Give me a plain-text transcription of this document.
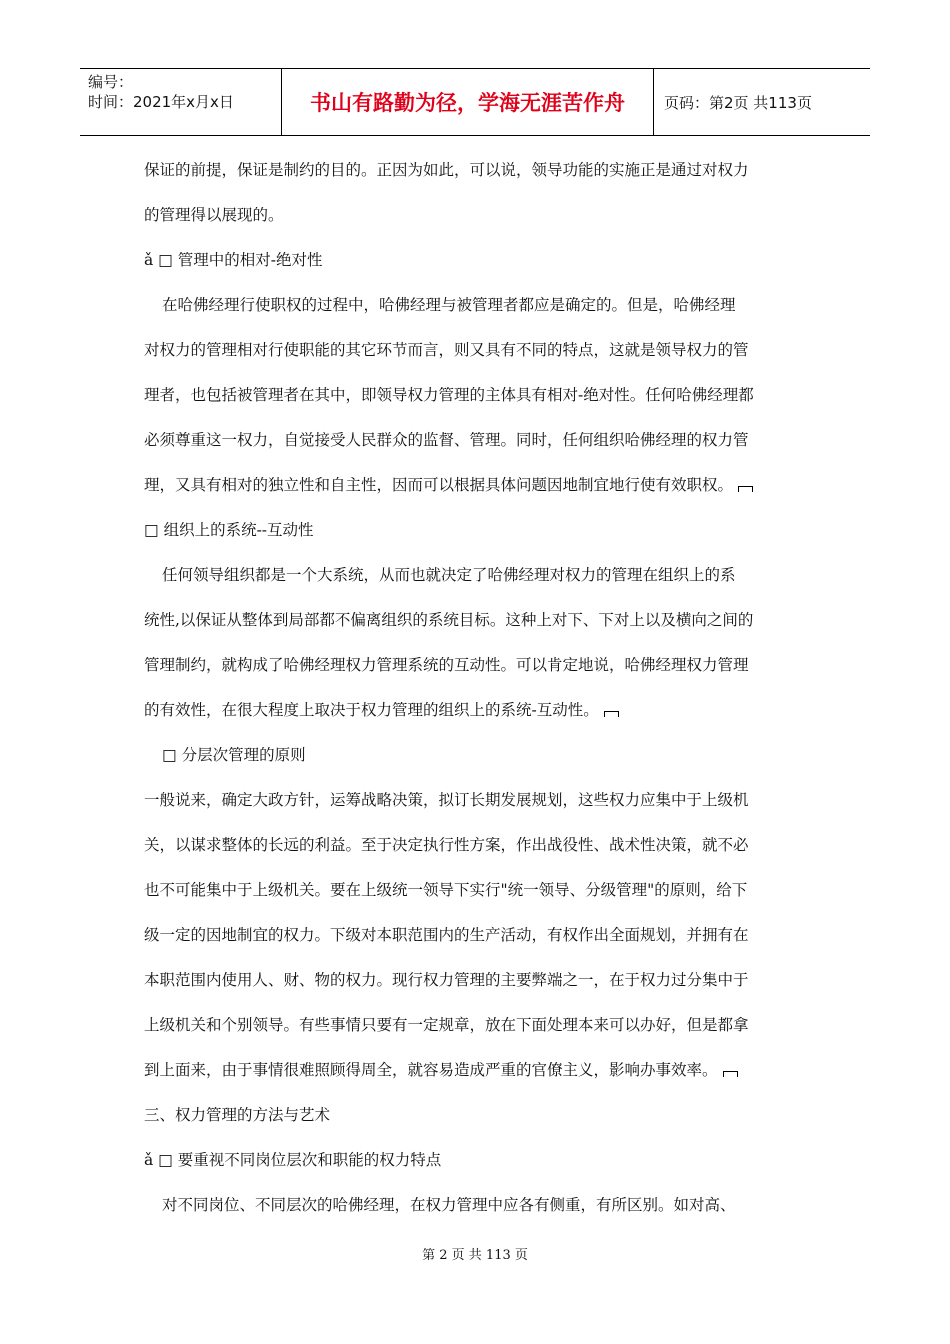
编号：
时间：2021年x月x日	书山有路勤为径，学海无涯苦作舟	页码：第2页 共113页
保证的前提，保证是制约的目的。正因为如此，可以说，领导功能的实施正是通过对权力
的管理得以展现的。
ǎ □ 管理中的相对-绝对性
在哈佛经理行使职权的过程中，哈佛经理与被管理者都应是确定的。但是，哈佛经理
对权力的管理相对行使职能的其它环节而言，则又具有不同的特点，这就是领导权力的管
理者，也包括被管理者在其中，即领导权力管理的主体具有相对-绝对性。任何哈佛经理都
必须尊重这一权力，自觉接受人民群众的监督、管理。同时，任何组织哈佛经理的权力管
理，又具有相对的独立性和自主性，因而可以根据具体问题因地制宜地行使有效职权。
□ 组织上的系统--互动性
任何领导组织都是一个大系统，从而也就决定了哈佛经理对权力的管理在组织上的系
统性,以保证从整体到局部都不偏离组织的系统目标。这种上对下、下对上以及横向之间的
管理制约，就构成了哈佛经理权力管理系统的互动性。可以肯定地说，哈佛经理权力管理
的有效性，在很大程度上取决于权力管理的组织上的系统-互动性。
□ 分层次管理的原则
一般说来，确定大政方针，运筹战略决策，拟订长期发展规划，这些权力应集中于上级机
关，以谋求整体的长远的利益。至于决定执行性方案，作出战役性、战术性决策，就不必
也不可能集中于上级机关。要在上级统一领导下实行"统一领导、分级管理"的原则，给下
级一定的因地制宜的权力。下级对本职范围内的生产活动，有权作出全面规划，并拥有在
本职范围内使用人、财、物的权力。现行权力管理的主要弊端之一，在于权力过分集中于
上级机关和个别领导。有些事情只要有一定规章，放在下面处理本来可以办好，但是都拿
到上面来，由于事情很难照顾得周全，就容易造成严重的官僚主义，影响办事效率。
三、权力管理的方法与艺术
ǎ □ 要重视不同岗位层次和职能的权力特点
对不同岗位、不同层次的哈佛经理，在权力管理中应各有侧重，有所区别。如对高、
第 2 页 共 113 页
